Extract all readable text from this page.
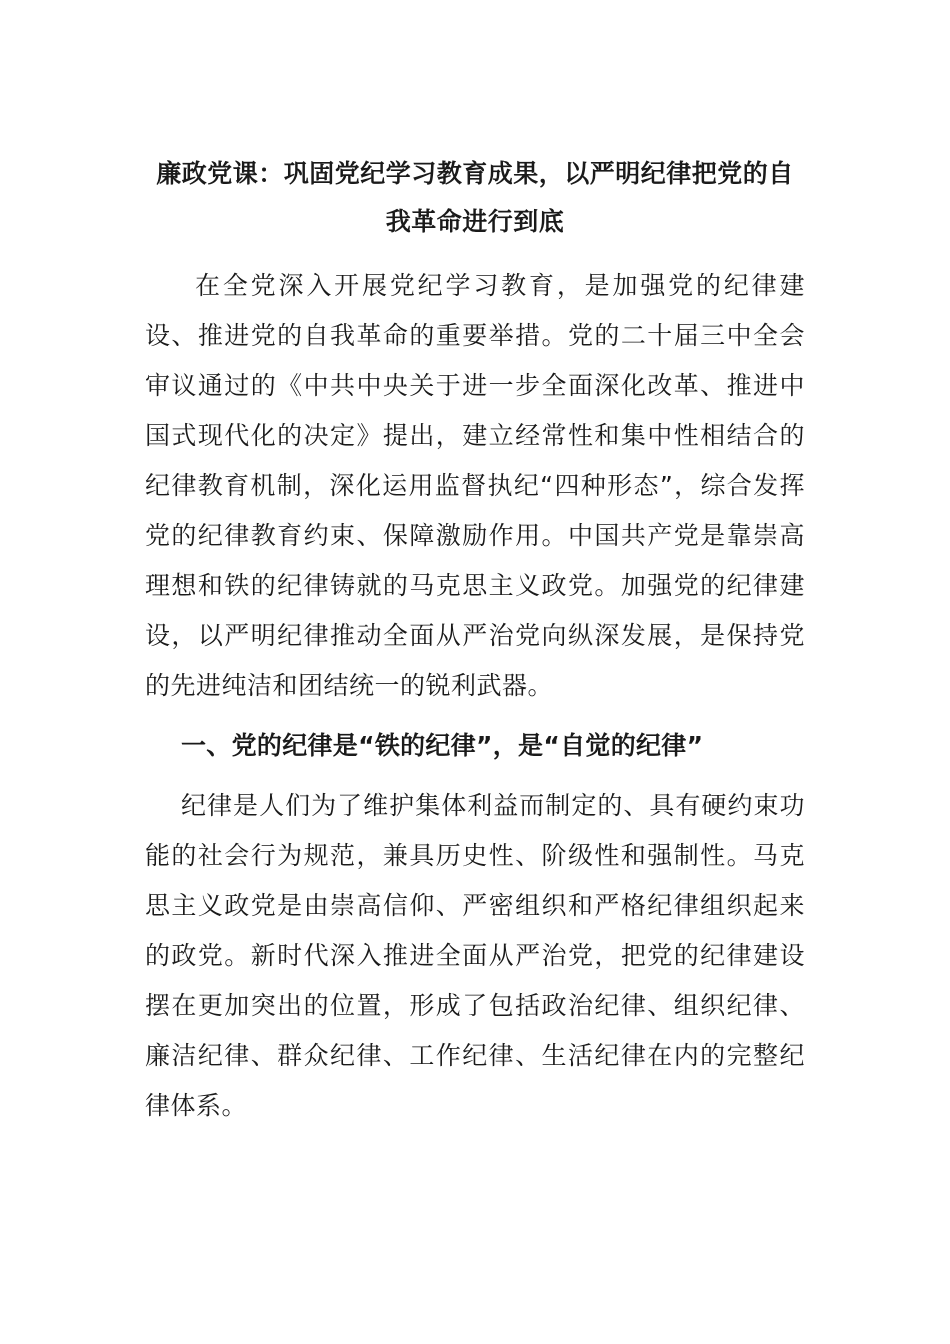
廉政党课：巩固党纪学习教育成果，以严明纪律把党的自我革命进行到底

在全党深入开展党纪学习教育，是加强党的纪律建设、推进党的自我革命的重要举措。党的二十届三中全会审议通过的《中共中央关于进一步全面深化改革、推进中国式现代化的决定》提出，建立经常性和集中性相结合的纪律教育机制，深化运用监督执纪“四种形态”，综合发挥党的纪律教育约束、保障激励作用。中国共产党是靠崇高理想和铁的纪律铸就的马克思主义政党。加强党的纪律建设，以严明纪律推动全面从严治党向纵深发展，是保持党的先进纯洁和团结统一的锐利武器。

一、党的纪律是“铁的纪律”，是“自觉的纪律”

纪律是人们为了维护集体利益而制定的、具有硬约束功能的社会行为规范，兼具历史性、阶级性和强制性。马克思主义政党是由崇高信仰、严密组织和严格纪律组织起来的政党。新时代深入推进全面从严治党，把党的纪律建设摆在更加突出的位置，形成了包括政治纪律、组织纪律、廉洁纪律、群众纪律、工作纪律、生活纪律在内的完整纪律体系。
